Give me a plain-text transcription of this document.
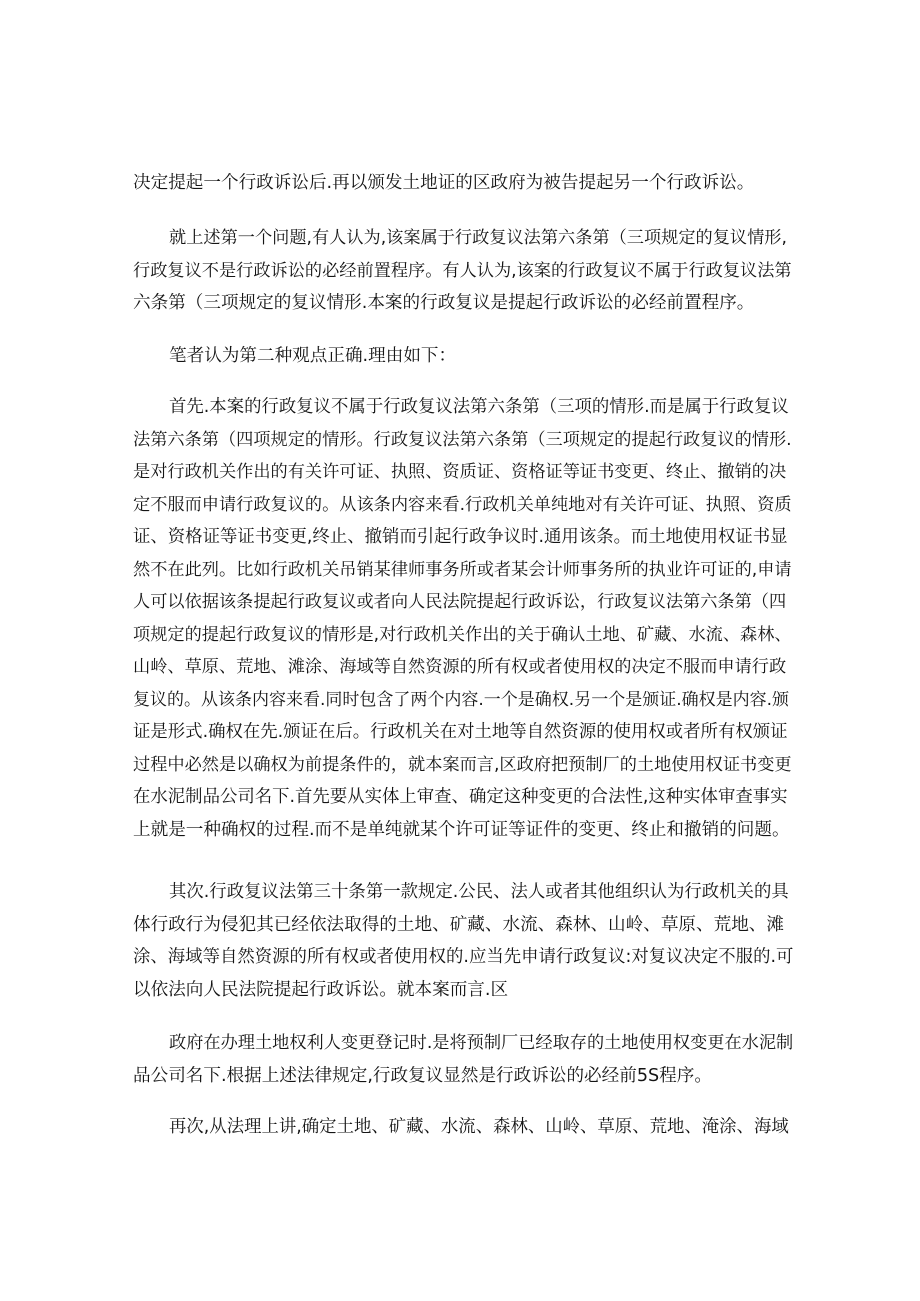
决定提起一个行政诉讼后.再以颁发土地证的区政府为被告提起另一个行政诉讼。
就上述第一个问题,有人认为,该案属于行政复议法第六条第（三项规定的复议情形,
行政复议不是行政诉讼的必经前置程序。有人认为,该案的行政复议不属于行政复议法第
六条第（三项规定的复议情形.本案的行政复议是提起行政诉讼的必经前置程序。
笔者认为第二种观点正确.理由如下：
首先.本案的行政复议不属于行政复议法第六条第（三项的情形.而是属于行政复议
法第六条第（四项规定的情形。行政复议法第六条第（三项规定的提起行政复议的情形.
是对行政机关作出的有关许可证、执照、资质证、资格证等证书变更、终止、撤销的决
定不服而申请行政复议的。从该条内容来看.行政机关单纯地对有关许可证、执照、资质
证、资格证等证书变更,终止、撤销而引起行政争议时.通用该条。而土地使用权证书显
然不在此列。比如行政机关吊销某律师事务所或者某会计师事务所的执业许可证的,申请
人可以依据该条提起行政复议或者向人民法院提起行政诉讼，行政复议法第六条第（四
项规定的提起行政复议的情形是,对行政机关作出的关于确认土地、矿藏、水流、森林、
山岭、草原、荒地、滩涂、海域等自然资源的所有权或者使用权的决定不服而申请行政
复议的。从该条内容来看.同时包含了两个内容.一个是确权.另一个是颁证.确权是内容.颁
证是形式.确权在先.颁证在后。行政机关在对土地等自然资源的使用权或者所有权颁证
过程中必然是以确权为前提条件的，就本案而言,区政府把预制厂的土地使用权证书变更
在水泥制品公司名下.首先要从实体上审查、确定这种变更的合法性,这种实体审查事实
上就是一种确权的过程.而不是单纯就某个许可证等证件的变更、终止和撤销的问题。
其次.行政复议法第三十条第一款规定.公民、法人或者其他组织认为行政机关的具
体行政行为侵犯其已经依法取得的土地、矿藏、水流、森林、山岭、草原、荒地、滩
涂、海域等自然资源的所有权或者使用权的.应当先申请行政复议:对复议决定不服的.可
以依法向人民法院提起行政诉讼。就本案而言.区
政府在办理土地权利人变更登记时.是将预制厂已经取存的土地使用权变更在水泥制
品公司名下.根据上述法律规定,行政复议显然是行政诉讼的必经前5S程序。
再次,从法理上讲,确定土地、矿藏、水流、森林、山岭、草原、荒地、淹涂、海域
